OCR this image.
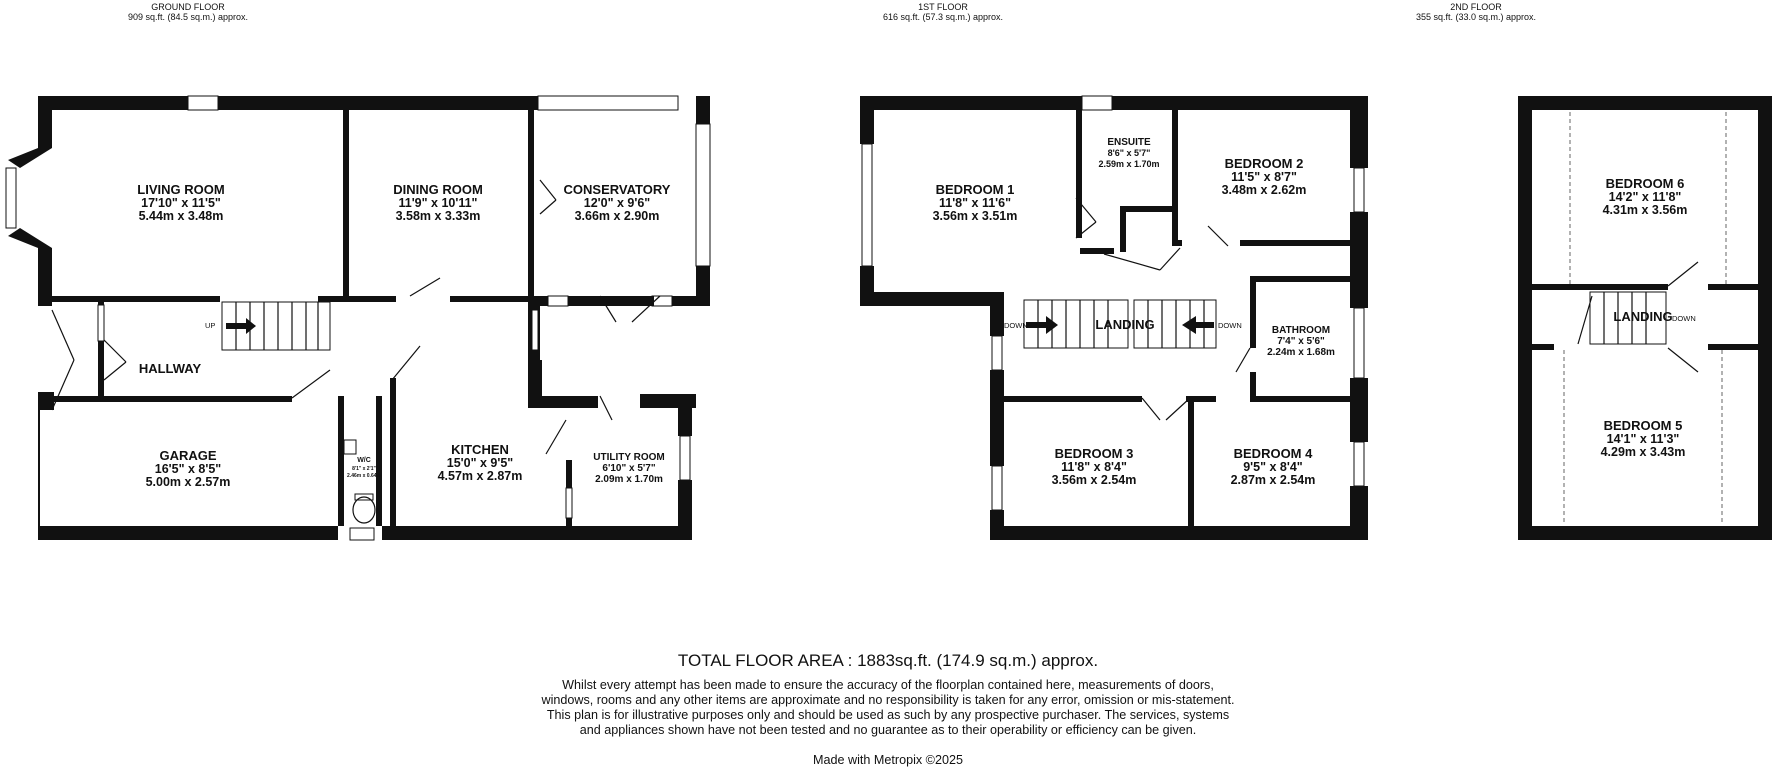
GROUND FLOOR
909 sq.ft. (84.5 sq.m.) approx.
1ST FLOOR
616 sq.ft. (57.3 sq.m.) approx.
2ND FLOOR
355 sq.ft. (33.0 sq.m.) approx.
UP
LIVING ROOM
17'10" x 11'5"
5.44m x 3.48m
DINING ROOM
11'9" x 10'11"
3.58m x 3.33m
CONSERVATORY
12'0" x 9'6"
3.66m x 2.90m
HALLWAY
GARAGE
16'5" x 8'5"
5.00m x 2.57m
W/C
8'1" x 2'1"
2.46m x 0.64m
KITCHEN
15'0" x 9'5"
4.57m x 2.87m
UTILITY ROOM
6'10" x 5'7"
2.09m x 1.70m
DOWN	DOWN
BEDROOM 1
11'8" x 11'6"
3.56m x 3.51m
ENSUITE
8'6" x 5'7"
2.59m x 1.70m	BEDROOM 2
11'5" x 8'7"
3.48m x 2.62m
LANDING	BATHROOM
7'4" x 5'6"
2.24m x 1.68m
BEDROOM 3
11'8" x 8'4"
3.56m x 2.54m
BEDROOM 4
9'5" x 8'4"
2.87m x 2.54m
DOWN
BEDROOM 6
14'2" x 11'8"
4.31m x 3.56m
LANDING
BEDROOM 5
14'1" x 11'3"
4.29m x 3.43m
TOTAL FLOOR AREA : 1883sq.ft. (174.9 sq.m.) approx.
Whilst every attempt has been made to ensure the accuracy of the floorplan contained here, measurements of doors, windows, rooms and any other items are approximate and no responsibility is taken for any error, omission or mis-statement. This plan is for illustrative purposes only and should be used as such by any prospective purchaser. The services, systems and appliances shown have not been tested and no guarantee as to their operability or efficiency can be given.
Made with Metropix ©2025
